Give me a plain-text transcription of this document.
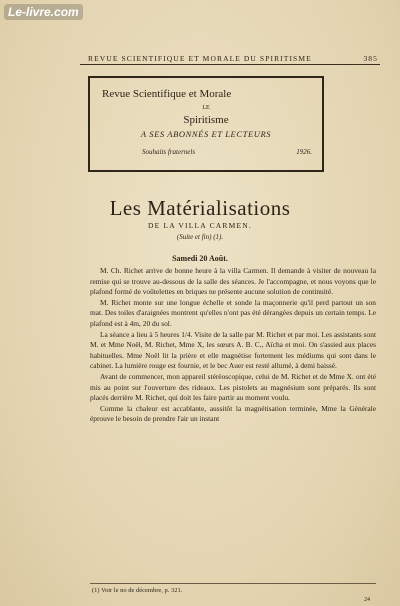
Le-livre.com
REVUE SCIENTIFIQUE ET MORALE DU SPIRITISME	385
Revue Scientifique et Morale
LE
Spiritisme
A SES ABONNÉS ET LECTEURS
Souhaits fraternels	1926.
Les Matérialisations
DE LA VILLA CARMEN.
(Suite et fin) (1).
Samedi 20 Août.

M. Ch. Richet arrive de bonne heure à la villa Carmen. Il demande à visiter de nouveau la remise qui se trouve au-dessous de la salle des séances. Je l'accompagne, et nous voyons que le plafond formé de voûtelettes en briques ne présente aucune solution de continuité.

M. Richet monte sur une longue échelle et sonde la maçonnerie qu'il perd partout un son mat. Des toiles d'araignées montrent qu'elles n'ont pas été dérangées depuis un certain temps. Le plafond est à 4m, 20 du sol.

La séance a lieu à 5 heures 1/4. Visite de la salle par M. Richet et par moi. Les assistants sont M. et Mme Noël, M. Richet, Mme X, les sœurs A. B. C., Aïcha et moi. On s'assied aux places habituelles. Mme Noël lit la prière et elle magnétise fortement les médiums qui sont dans le cabinet. La lumière rouge est fournie, et le bec Auer est resté allumé, à demi baissé.

Avant de commencer, mon appareil stéréoscopique, celui de M. Richet et de Mme X. ont été mis au point sur l'ouverture des rideaux. Les pistolets au magnésium sont préparés. Ils sont placés derrière M. Richet, qui doit les faire partir au moment voulu.

Comme la chaleur est accablante, aussitôt la magnétisation terminée, Mme la Générale éprouve le besoin de prendre l'air un instant

(1) Voir le no de décembre, p. 321.
24
